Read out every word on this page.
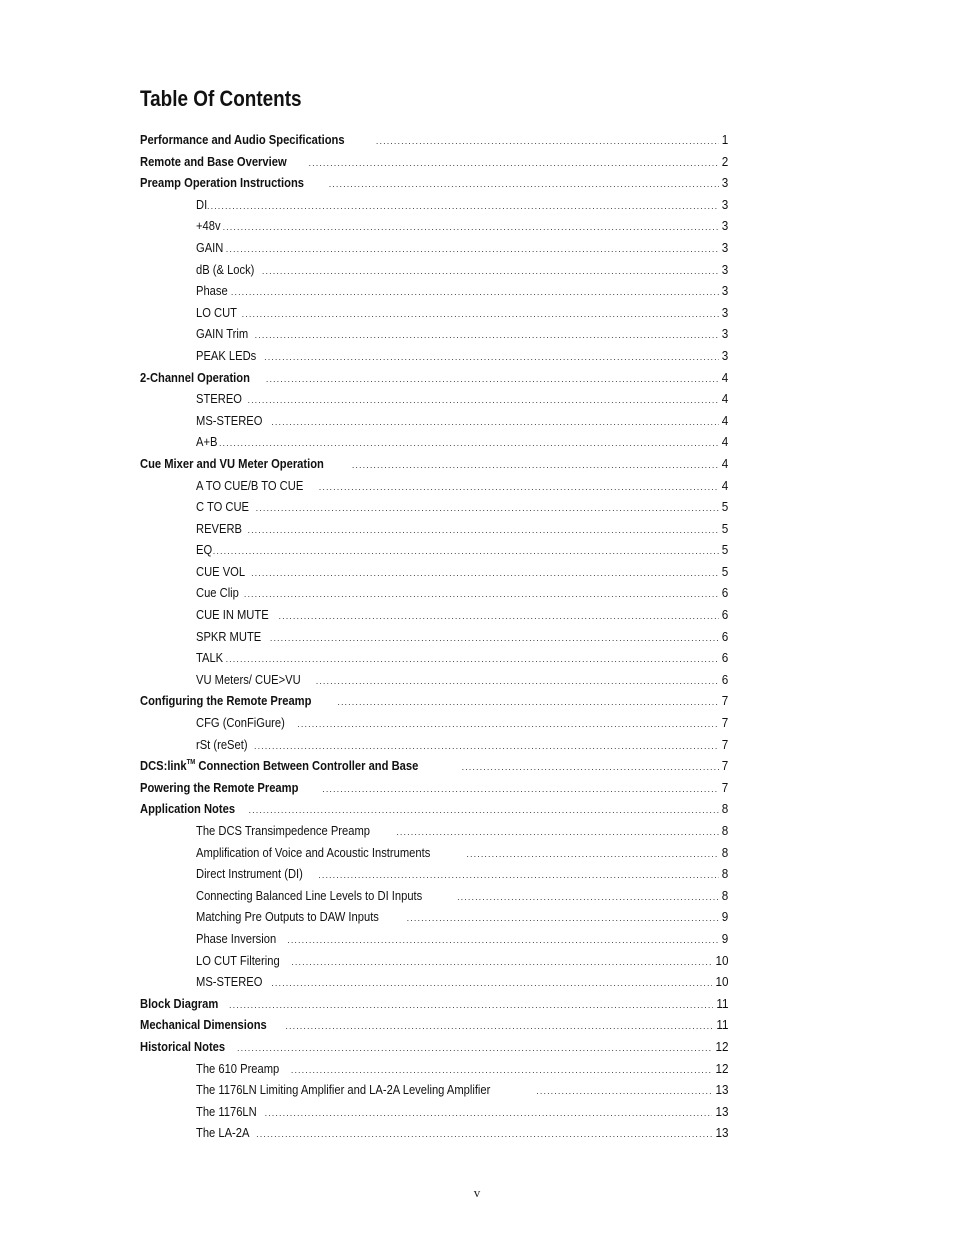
Table Of Contents
Performance and Audio Specifications .....	1
Remote and Base Overview .....	2
Preamp Operation Instructions .....	3
DI .....	3
+48v .....	3
GAIN .....	3
dB (& Lock) .....	3
Phase .....	3
LO CUT .....	3
GAIN Trim .....	3
PEAK LEDs .....	3
2-Channel Operation .....	4
STEREO .....	4
MS-STEREO .....	4
A+B .....	4
Cue Mixer and VU Meter Operation .....	4
A TO CUE/B TO CUE .....	4
C TO CUE .....	5
REVERB .....	5
EQ .....	5
CUE VOL .....	5
Cue Clip .....	6
CUE IN MUTE .....	6
SPKR MUTE .....	6
TALK .....	6
VU Meters/ CUE>VU .....	6
Configuring the Remote Preamp .....	7
CFG (ConFiGure) .....	7
rSt (reSet) .....	7
DCS:link™ Connection Between Controller and Base .....	7
Powering the Remote Preamp .....	7
Application Notes .....	8
The DCS Transimpedence Preamp .....	8
Amplification of Voice and Acoustic Instruments .....	8
Direct Instrument (DI) .....	8
Connecting Balanced Line Levels to DI Inputs .....	8
Matching Pre Outputs to DAW Inputs .....	9
Phase Inversion .....	9
LO CUT Filtering .....	10
MS-STEREO .....	10
Block Diagram .....	11
Mechanical Dimensions .....	11
Historical Notes .....	12
The 610 Preamp .....	12
The 1176LN Limiting Amplifier and LA-2A Leveling Amplifier .....	13
The 1176LN .....	13
The LA-2A .....	13
v
